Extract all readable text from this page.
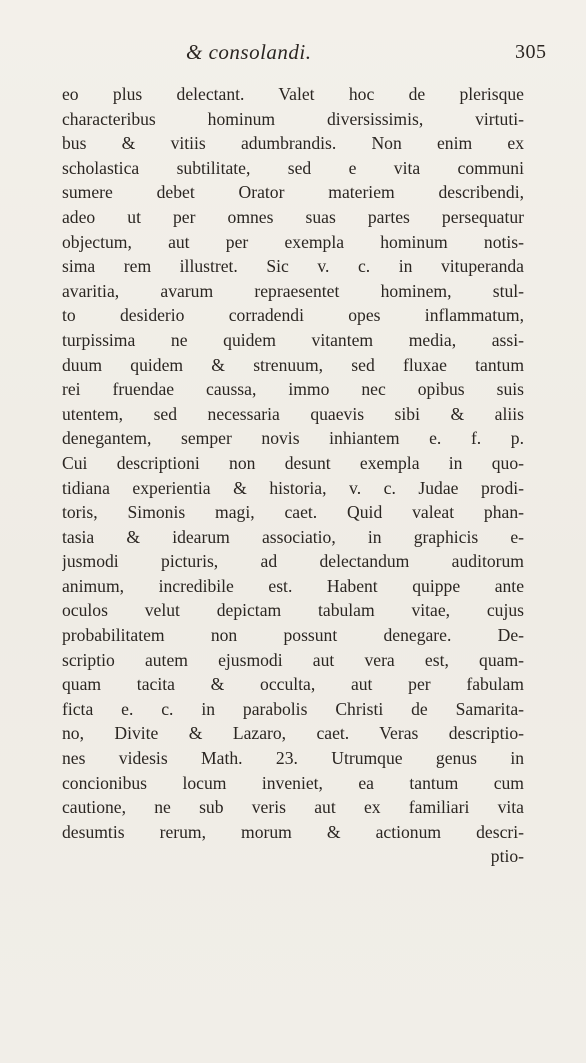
& consolandi.	305
eo plus delectant. Valet hoc de plerisque
characteribus hominum diversissimis, virtuti-
bus & vitiis adumbrandis. Non enim ex
scholastica subtilitate, sed e vita communi
sumere debet Orator materiem describendi,
adeo ut per omnes suas partes persequatur
objectum, aut per exempla hominum notis-
sima rem illustret. Sic v. c. in vituperanda
avaritia, avarum repraesentet hominem, stul-
to desiderio corradendi opes inflammatum,
turpissima ne quidem vitantem media, assi-
duum quidem & strenuum, sed fluxae tantum
rei fruendae caussa, immo nec opibus suis
utentem, sed necessaria quaevis sibi & aliis
denegantem, semper novis inhiantem e. f. p.
Cui descriptioni non desunt exempla in quo-
tidiana experientia & historia, v. c. Judae prodi-
toris, Simonis magi, caet. Quid valeat phan-
tasia & idearum associatio, in graphicis e-
jusmodi picturis, ad delectandum auditorum
animum, incredibile est. Habent quippe ante
oculos velut depictam tabulam vitae, cujus
probabilitatem non possunt denegare. De-
scriptio autem ejusmodi aut vera est, quam-
quam tacita & occulta, aut per fabulam
ficta e. c. in parabolis Christi de Samarita-
no, Divite & Lazaro, caet. Veras descriptio-
nes videsis Math. 23. Utrumque genus in
concionibus locum inveniet, ea tantum cum
cautione, ne sub veris aut ex familiari vita
desumtis rerum, morum & actionum descri-
ptio-
